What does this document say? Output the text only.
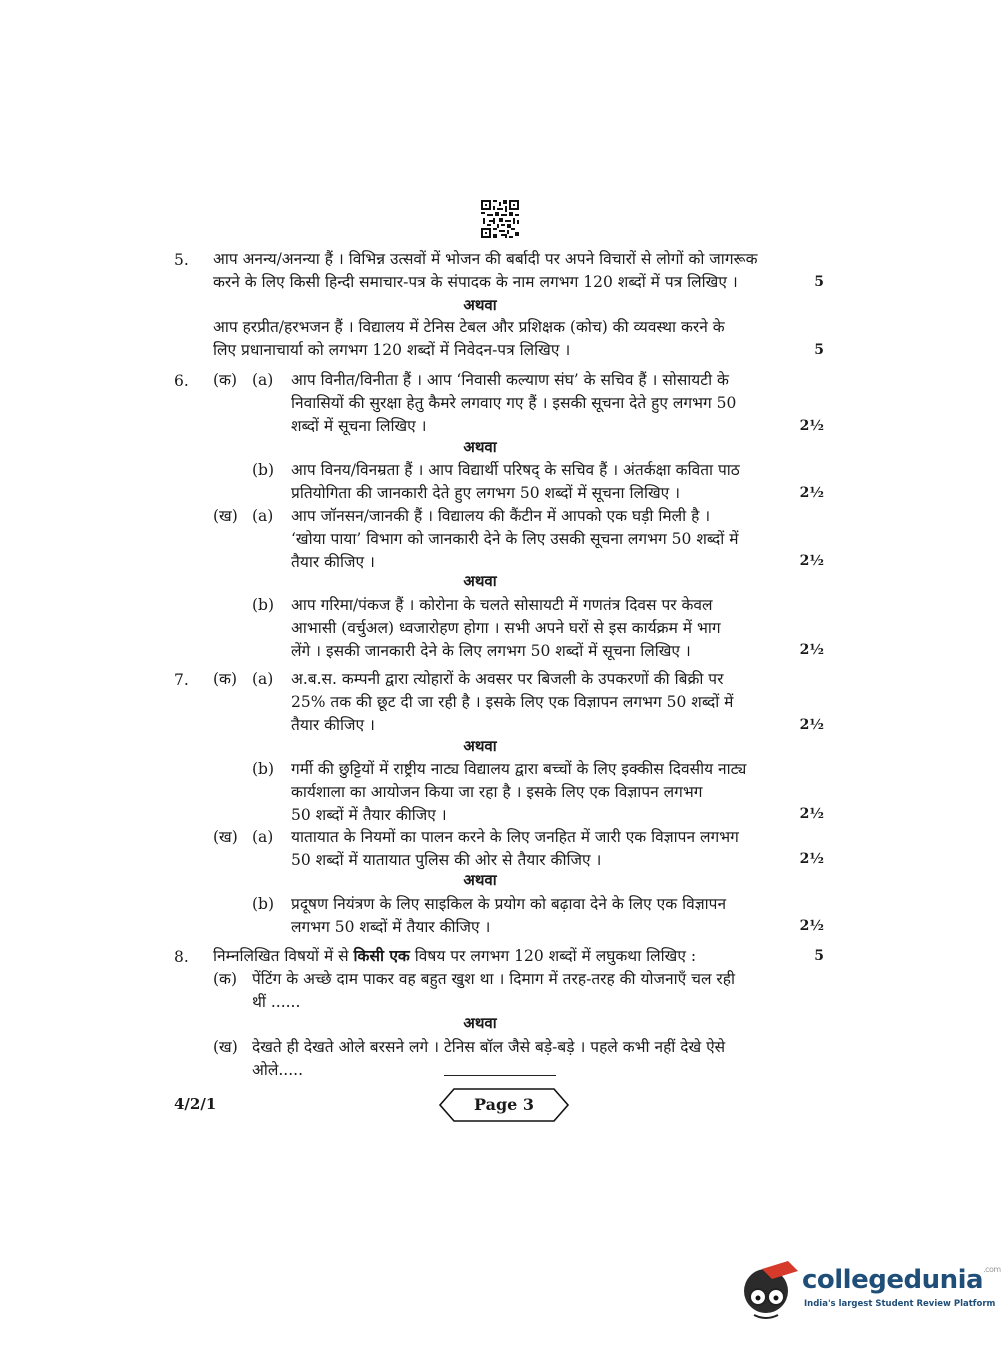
5. आप अनन्य/अनन्या हैं । विभिन्न उत्सवों में भोजन की बर्बादी पर अपने विचारों से लोगों को जागरूक
करने के लिए किसी हिन्दी समाचार-पत्र के संपादक के नाम लगभग 120 शब्दों में पत्र लिखिए ।	5
अथवा
आप हरप्रीत/हरभजन हैं । विद्यालय में टेनिस टेबल और प्रशिक्षक (कोच) की व्यवस्था करने के
लिए प्रधानाचार्या को लगभग 120 शब्दों में निवेदन-पत्र लिखिए ।	5
6. (क) (a) आप विनीत/विनीता हैं । आप ‘निवासी कल्याण संघ’ के सचिव हैं । सोसायटी के
निवासियों की सुरक्षा हेतु कैमरे लगवाए गए हैं । इसकी सूचना देते हुए लगभग 50
शब्दों में सूचना लिखिए ।	2½
अथवा
(b) आप विनय/विनम्रता हैं । आप विद्यार्थी परिषद् के सचिव हैं । अंतर्कक्षा कविता पाठ
प्रतियोगिता की जानकारी देते हुए लगभग 50 शब्दों में सूचना लिखिए ।	2½
(ख) (a) आप जॉनसन/जानकी हैं । विद्यालय की कैंटीन में आपको एक घड़ी मिली है ।
‘खोया पाया’ विभाग को जानकारी देने के लिए उसकी सूचना लगभग 50 शब्दों में
तैयार कीजिए ।	2½
अथवा
(b) आप गरिमा/पंकज हैं । कोरोना के चलते सोसायटी में गणतंत्र दिवस पर केवल
आभासी (वर्चुअल) ध्वजारोहण होगा । सभी अपने घरों से इस कार्यक्रम में भाग
लेंगे । इसकी जानकारी देने के लिए लगभग 50 शब्दों में सूचना लिखिए ।	2½
7. (क) (a) अ.ब.स. कम्पनी द्वारा त्योहारों के अवसर पर बिजली के उपकरणों की बिक्री पर
25% तक की छूट दी जा रही है । इसके लिए एक विज्ञापन लगभग 50 शब्दों में
तैयार कीजिए ।	2½
अथवा
(b) गर्मी की छुट्टियों में राष्ट्रीय नाट्य विद्यालय द्वारा बच्चों के लिए इक्कीस दिवसीय नाट्य
कार्यशाला का आयोजन किया जा रहा है । इसके लिए एक विज्ञापन लगभग
50 शब्दों में तैयार कीजिए ।	2½
(ख) (a) यातायात के नियमों का पालन करने के लिए जनहित में जारी एक विज्ञापन लगभग
50 शब्दों में यातायात पुलिस की ओर से तैयार कीजिए ।	2½
अथवा
(b) प्रदूषण नियंत्रण के लिए साइकिल के प्रयोग को बढ़ावा देने के लिए एक विज्ञापन
लगभग 50 शब्दों में तैयार कीजिए ।	2½
8. निम्नलिखित विषयों में से किसी एक विषय पर लगभग 120 शब्दों में लघुकथा लिखिए :	5
(क) पेंटिंग के अच्छे दाम पाकर वह बहुत खुश था । दिमाग में तरह-तरह की योजनाएँ चल रही
थीं ......
अथवा
(ख) देखते ही देखते ओले बरसने लगे । टेनिस बॉल जैसे बड़े-बड़े । पहले कभी नहीं देखे ऐसे
ओले.....
4/2/1	Page 3
collegedunia$^{.com}$
India's largest Student Review Platform
